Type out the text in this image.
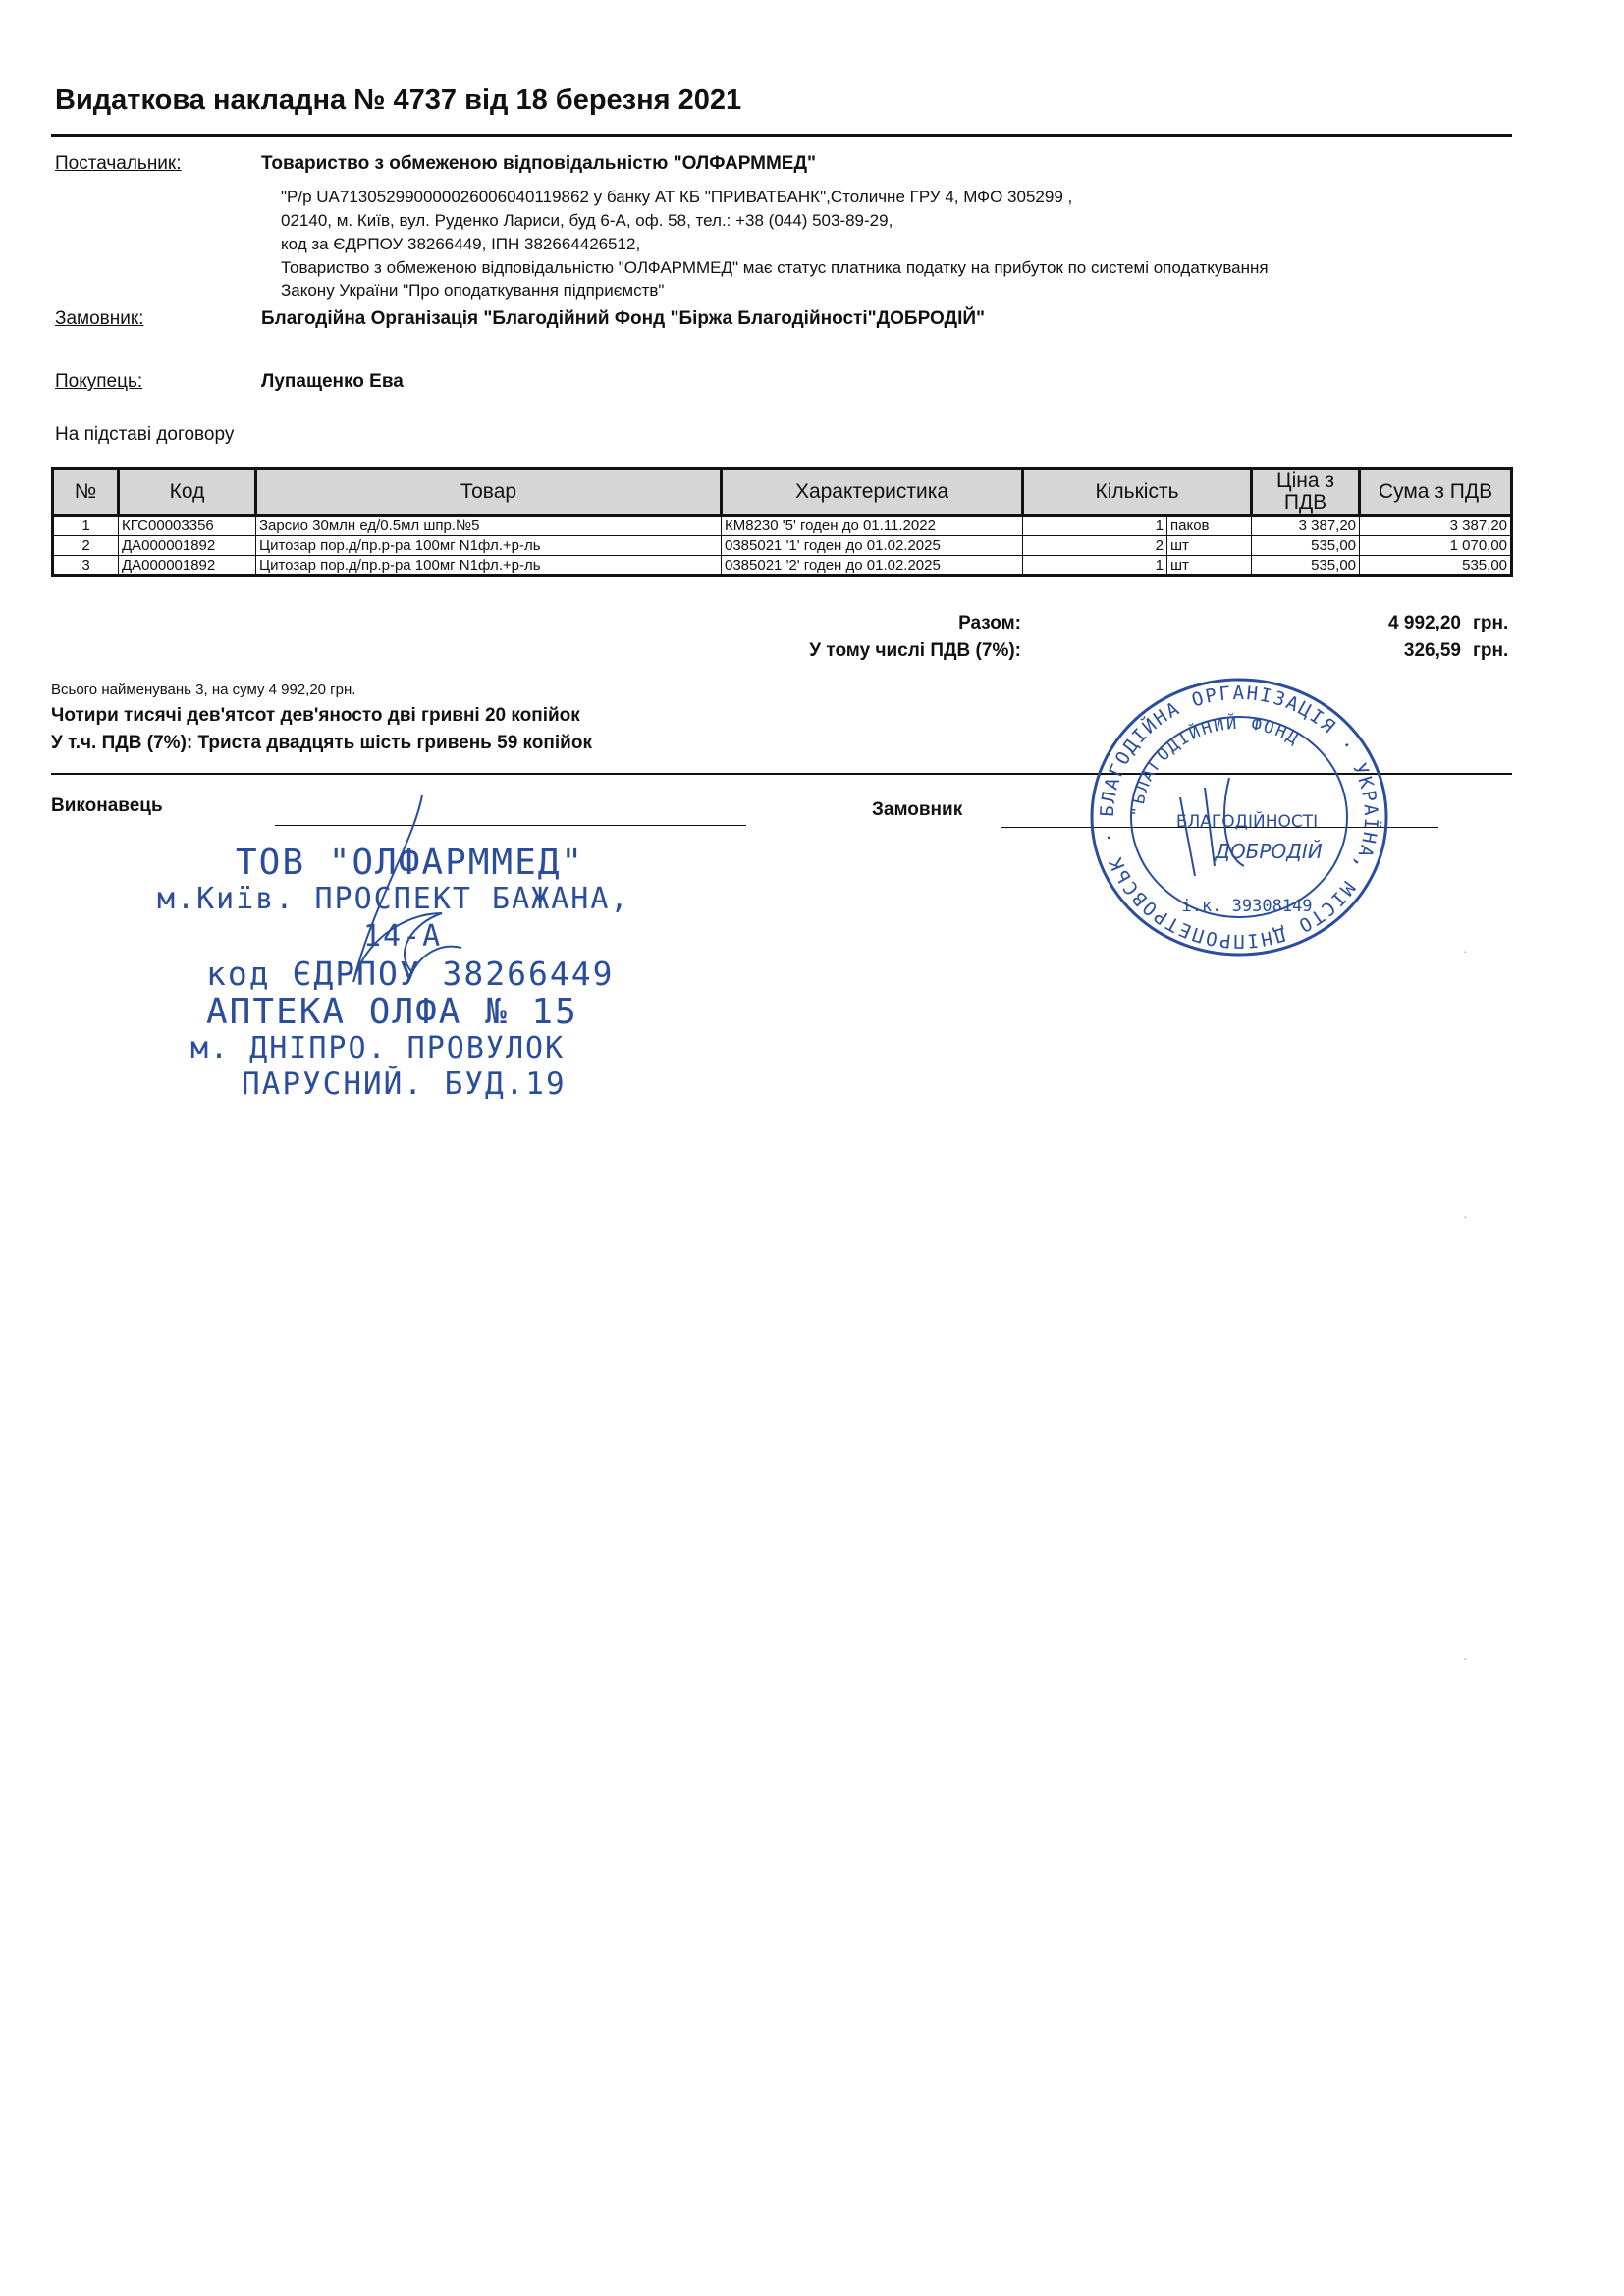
Видаткова накладна № 4737 від 18 березня 2021
Постачальник:	Товариство з обмеженою відповідальністю "ОЛФАРММЕД"
"Р/р UA713052990000026006040119862 у банку АТ КБ "ПРИВАТБАНК",Столичне ГРУ 4, МФО 305299 ,
02140, м. Київ, вул. Руденко Лариси, буд 6-А, оф. 58, тел.: +38 (044) 503-89-29,
код за ЄДРПОУ 38266449, ІПН 382664426512,
Товариство з обмеженою відповідальністю "ОЛФАРММЕД" має статус платника податку на прибуток по системі оподаткування
Закону України "Про оподаткування підприємств"
Замовник:	Благодійна Організація "Благодійний Фонд "Біржа Благодійності"ДОБРОДІЙ"
Покупець:	Лупащенко Ева
На підставі договору
№	Код	Товар	Характеристика	Кількість		Ціна з ПДВ	Сума з ПДВ
1	КГС00003356	Зарсио 30млн ед/0.5мл шпр.№5	КМ8230 '5' годен до 01.11.2022	1	паков	3 387,20	3 387,20
2	ДА000001892	Цитозар пор.д/пр.р-ра 100мг N1фл.+р-ль	0385021 '1' годен до 01.02.2025	2	шт	535,00	1 070,00
3	ДА000001892	Цитозар пор.д/пр.р-ра 100мг N1фл.+р-ль	0385021 '2' годен до 01.02.2025	1	шт	535,00	535,00
Разом:	4 992,20 грн.
У тому числі ПДВ (7%):	326,59 грн.
Всього найменувань 3, на суму 4 992,20 грн.
Чотири тисячі дев'ятсот дев'яносто дві гривні 20 копійок
У т.ч. ПДВ (7%): Триста двадцять шість гривень 59 копійок
Виконавець	Замовник
ТОВ "ОЛФАРММЕД"
м.Київ. ПРОСПЕКТ БАЖАНА,
14-А
код ЄДРПОУ 38266449
АПТЕКА ОЛФА № 15
м. ДНІПРО. ПРОВУЛОК
ПАРУСНИЙ. БУД.19
БЛАГОДІЙНА ОРГАНІЗАЦІЯ · УКРАЇНА, МІСТО ДНІПРОПЕТРОВСЬК ·
"БЛАГОДІЙНИЙ ФОНД
БЛАГОДІЙНОСТІ
ДОБРОДІЙ
і.к. 39308149
·
·
·
